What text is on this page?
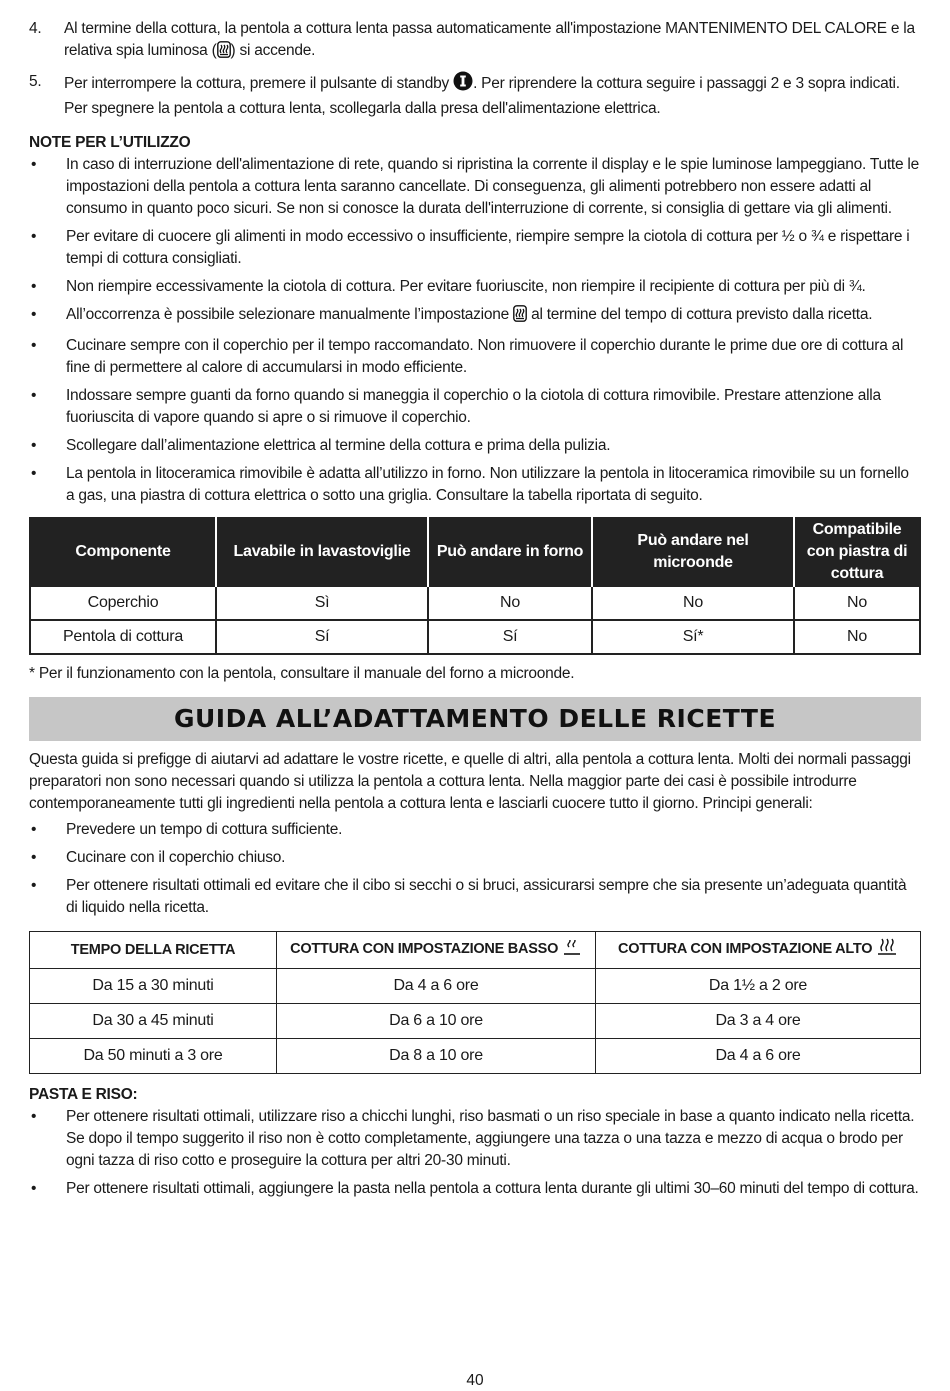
4.	Al termine della cottura, la pentola a cottura lenta passa automaticamente all'impostazione MANTENIMENTO DEL CALORE e la relativa spia luminosa ( ) si accende.
5.	Per interrompere la cottura, premere il pulsante di standby . Per riprendere la cottura seguire i passaggi 2 e 3 sopra indicati. Per spegnere la pentola a cottura lenta, scollegarla dalla presa dell'alimentazione elettrica.
NOTE PER L’UTILIZZO
•	In caso di interruzione dell'alimentazione di rete, quando si ripristina la corrente il display e le spie luminose lampeggiano. Tutte le impostazioni della pentola a cottura lenta saranno cancellate. Di conseguenza, gli alimenti potrebbero non essere adatti al consumo in quanto poco sicuri. Se non si conosce la durata dell'interruzione di corrente, si consiglia di gettare via gli alimenti.
•	Per evitare di cuocere gli alimenti in modo eccessivo o insufficiente, riempire sempre la ciotola di cottura per ½ o ¾ e rispettare i tempi di cottura consigliati.
•	Non riempire eccessivamente la ciotola di cottura. Per evitare fuoriuscite, non riempire il recipiente di cottura per più di ¾.
•	All’occorrenza è possibile selezionare manualmente l’impostazione  al termine del tempo di cottura previsto dalla ricetta.
•	Cucinare sempre con il coperchio per il tempo raccomandato. Non rimuovere il coperchio durante le prime due ore di cottura al fine di permettere al calore di accumularsi in modo efficiente.
•	Indossare sempre guanti da forno quando si maneggia il coperchio o la ciotola di cottura rimovibile. Prestare attenzione alla fuoriuscita di vapore quando si apre o si rimuove il coperchio.
•	Scollegare dall’alimentazione elettrica al termine della cottura e prima della pulizia.
•	La pentola in litoceramica rimovibile è adatta all’utilizzo in forno. Non utilizzare la pentola in litoceramica rimovibile su un fornello a gas, una piastra di cottura elettrica o sotto una griglia. Consultare la tabella riportata di seguito.
Componente	Lavabile in lavastoviglie	Può andare in forno	Può andare nel microonde	Compatibile con piastra di cottura
Coperchio	Sì	No	No	No
Pentola di cottura	Sí	Sí	Sí*	No
* Per il funzionamento con la pentola, consultare il manuale del forno a microonde.
GUIDA ALL’ADATTAMENTO DELLE RICETTE
Questa guida si prefigge di aiutarvi ad adattare le vostre ricette, e quelle di altri, alla pentola a cottura lenta. Molti dei normali passaggi preparatori non sono necessari quando si utilizza la pentola a cottura lenta. Nella maggior parte dei casi è possibile introdurre contemporaneamente tutti gli ingredienti nella pentola a cottura lenta e lasciarli cuocere tutto il giorno. Principi generali:
•	Prevedere un tempo di cottura sufficiente.
•	Cucinare con il coperchio chiuso.
•	Per ottenere risultati ottimali ed evitare che il cibo si secchi o si bruci, assicurarsi sempre che sia presente un’adeguata quantità di liquido nella ricetta.
TEMPO DELLA RICETTA	COTTURA CON IMPOSTAZIONE BASSO	COTTURA CON IMPOSTAZIONE ALTO
Da 15 a 30 minuti	Da 4 a 6 ore	Da 1½ a 2 ore
Da 30 a 45 minuti	Da 6 a 10 ore	Da 3 a 4 ore
Da 50 minuti a 3 ore	Da 8 a 10 ore	Da 4 a 6 ore
PASTA E RISO:
•	Per ottenere risultati ottimali, utilizzare riso a chicchi lunghi, riso basmati o un riso speciale in base a quanto indicato nella ricetta. Se dopo il tempo suggerito il riso non è cotto completamente, aggiungere una tazza o una tazza e mezzo di acqua o brodo per ogni tazza di riso cotto e proseguire la cottura per altri 20-30 minuti.
•	Per ottenere risultati ottimali, aggiungere la pasta nella pentola a cottura lenta durante gli ultimi 30–60 minuti del tempo di cottura.
40
